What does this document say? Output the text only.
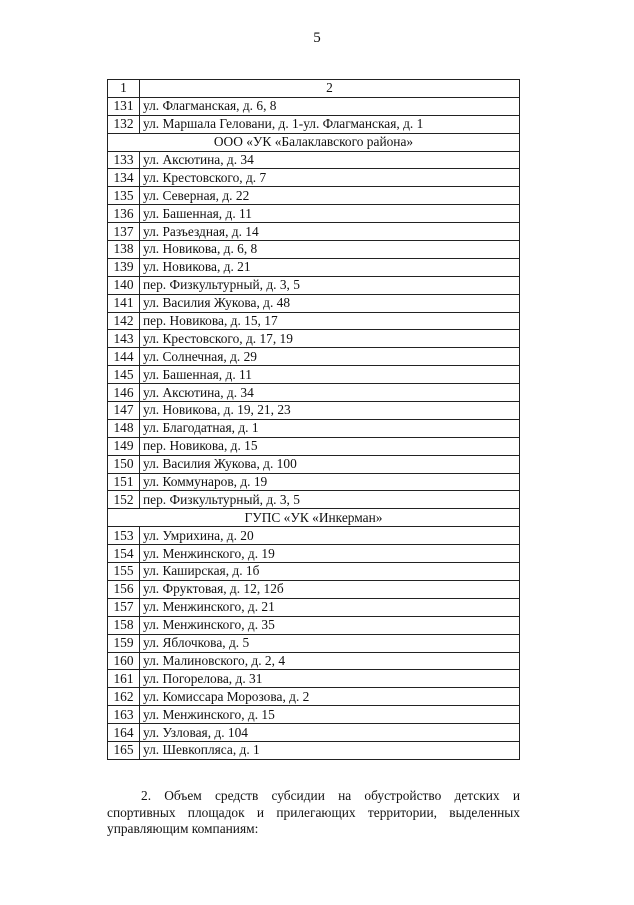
5
1	2
131	ул. Флагманская, д. 6, 8
132	ул. Маршала Геловани, д. 1-ул. Флагманская, д. 1
ООО «УК «Балаклавского района»	
133	ул. Аксютина, д. 34
134	ул. Крестовского, д. 7
135	ул. Северная, д. 22
136	ул. Башенная, д. 11
137	ул. Разъездная, д. 14
138	ул. Новикова, д. 6, 8
139	ул. Новикова, д. 21
140	пер. Физкультурный, д. 3, 5
141	ул. Василия Жукова, д. 48
142	пер. Новикова, д. 15, 17
143	ул. Крестовского, д. 17, 19
144	ул. Солнечная, д. 29
145	ул. Башенная, д. 11
146	ул. Аксютина, д. 34
147	ул. Новикова, д. 19, 21, 23
148	ул. Благодатная, д. 1
149	пер. Новикова, д. 15
150	ул. Василия Жукова, д. 100
151	ул. Коммунаров, д. 19
152	пер. Физкультурный, д. 3, 5
ГУПС «УК «Инкерман»	
153	ул. Умрихина, д. 20
154	ул. Менжинского, д. 19
155	ул. Каширская, д. 1б
156	ул. Фруктовая, д. 12, 12б
157	ул. Менжинского, д. 21
158	ул. Менжинского, д. 35
159	ул. Яблочкова, д. 5
160	ул. Малиновского, д. 2, 4
161	ул. Погорелова, д. 31
162	ул. Комиссара Морозова, д. 2
163	ул. Менжинского, д. 15
164	ул. Узловая, д. 104
165	ул. Шевкопляса, д. 1
2. Объем средств субсидии на обустройство детских и спортивных площадок и прилегающих территории, выделенных управляющим компаниям:
